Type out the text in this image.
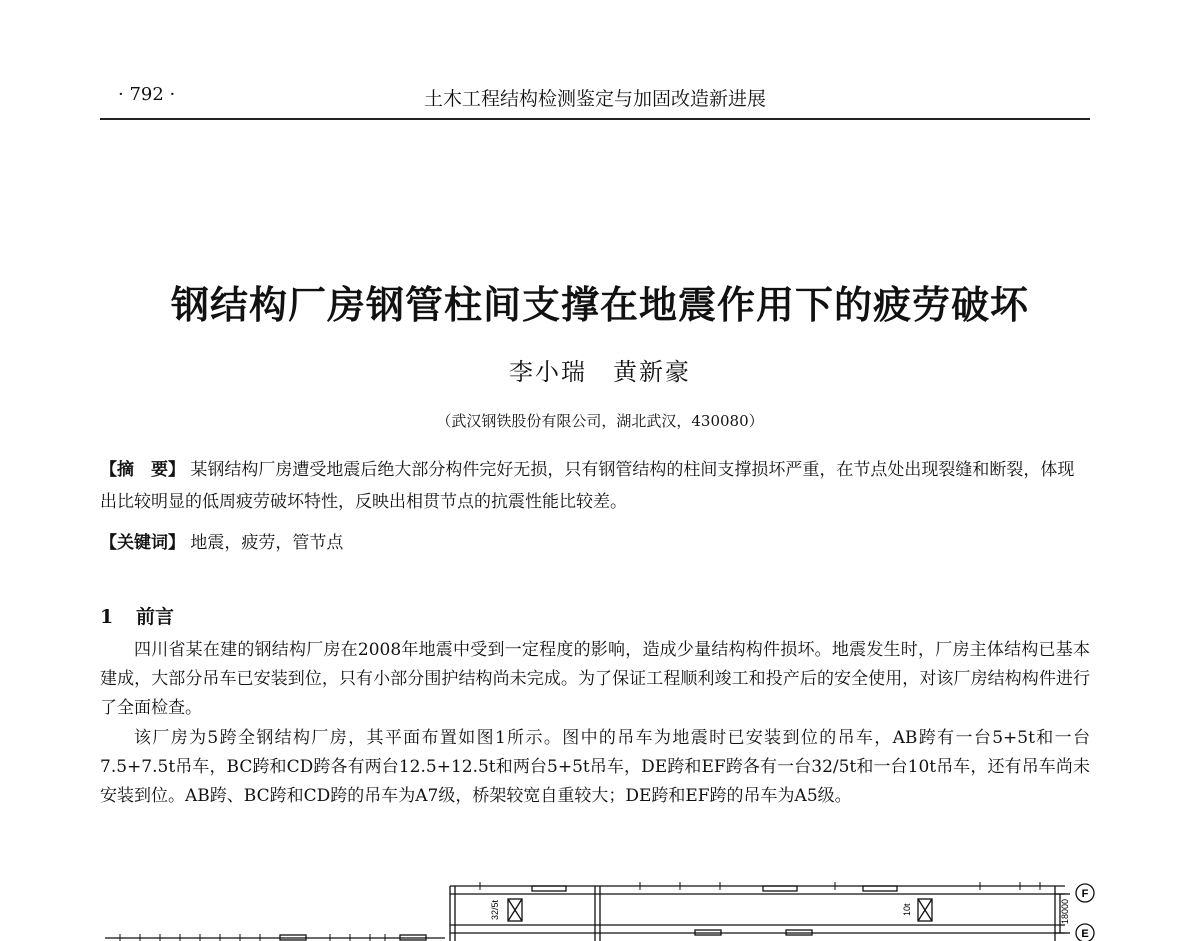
· 792 ·	土木工程结构检测鉴定与加固改造新进展
钢结构厂房钢管柱间支撑在地震作用下的疲劳破坏
李小瑞　黄新豪
（武汉钢铁股份有限公司，湖北武汉，430080）
【摘　要】 某钢结构厂房遭受地震后绝大部分构件完好无损，只有钢管结构的柱间支撑损坏严重，在节点处出现裂缝和断裂，体现出比较明显的低周疲劳破坏特性，反映出相贯节点的抗震性能比较差。
【关键词】 地震，疲劳，管节点
1 前言
四川省某在建的钢结构厂房在2008年地震中受到一定程度的影响，造成少量结构构件损坏。地震发生时，厂房主体结构已基本建成，大部分吊车已安装到位，只有小部分围护结构尚未完成。为了保证工程顺利竣工和投产后的安全使用，对该厂房结构构件进行了全面检查。
该厂房为5跨全钢结构厂房，其平面布置如图1所示。图中的吊车为地震时已安装到位的吊车，AB跨有一台5+5t和一台7.5+7.5t吊车，BC跨和CD跨各有两台12.5+12.5t和两台5+5t吊车，DE跨和EF跨各有一台32/5t和一台10t吊车，还有吊车尚未安装到位。AB跨、BC跨和CD跨的吊车为A7级，桥架较宽自重较大；DE跨和EF跨的吊车为A5级。
32/5t	10t	18000
F
E
